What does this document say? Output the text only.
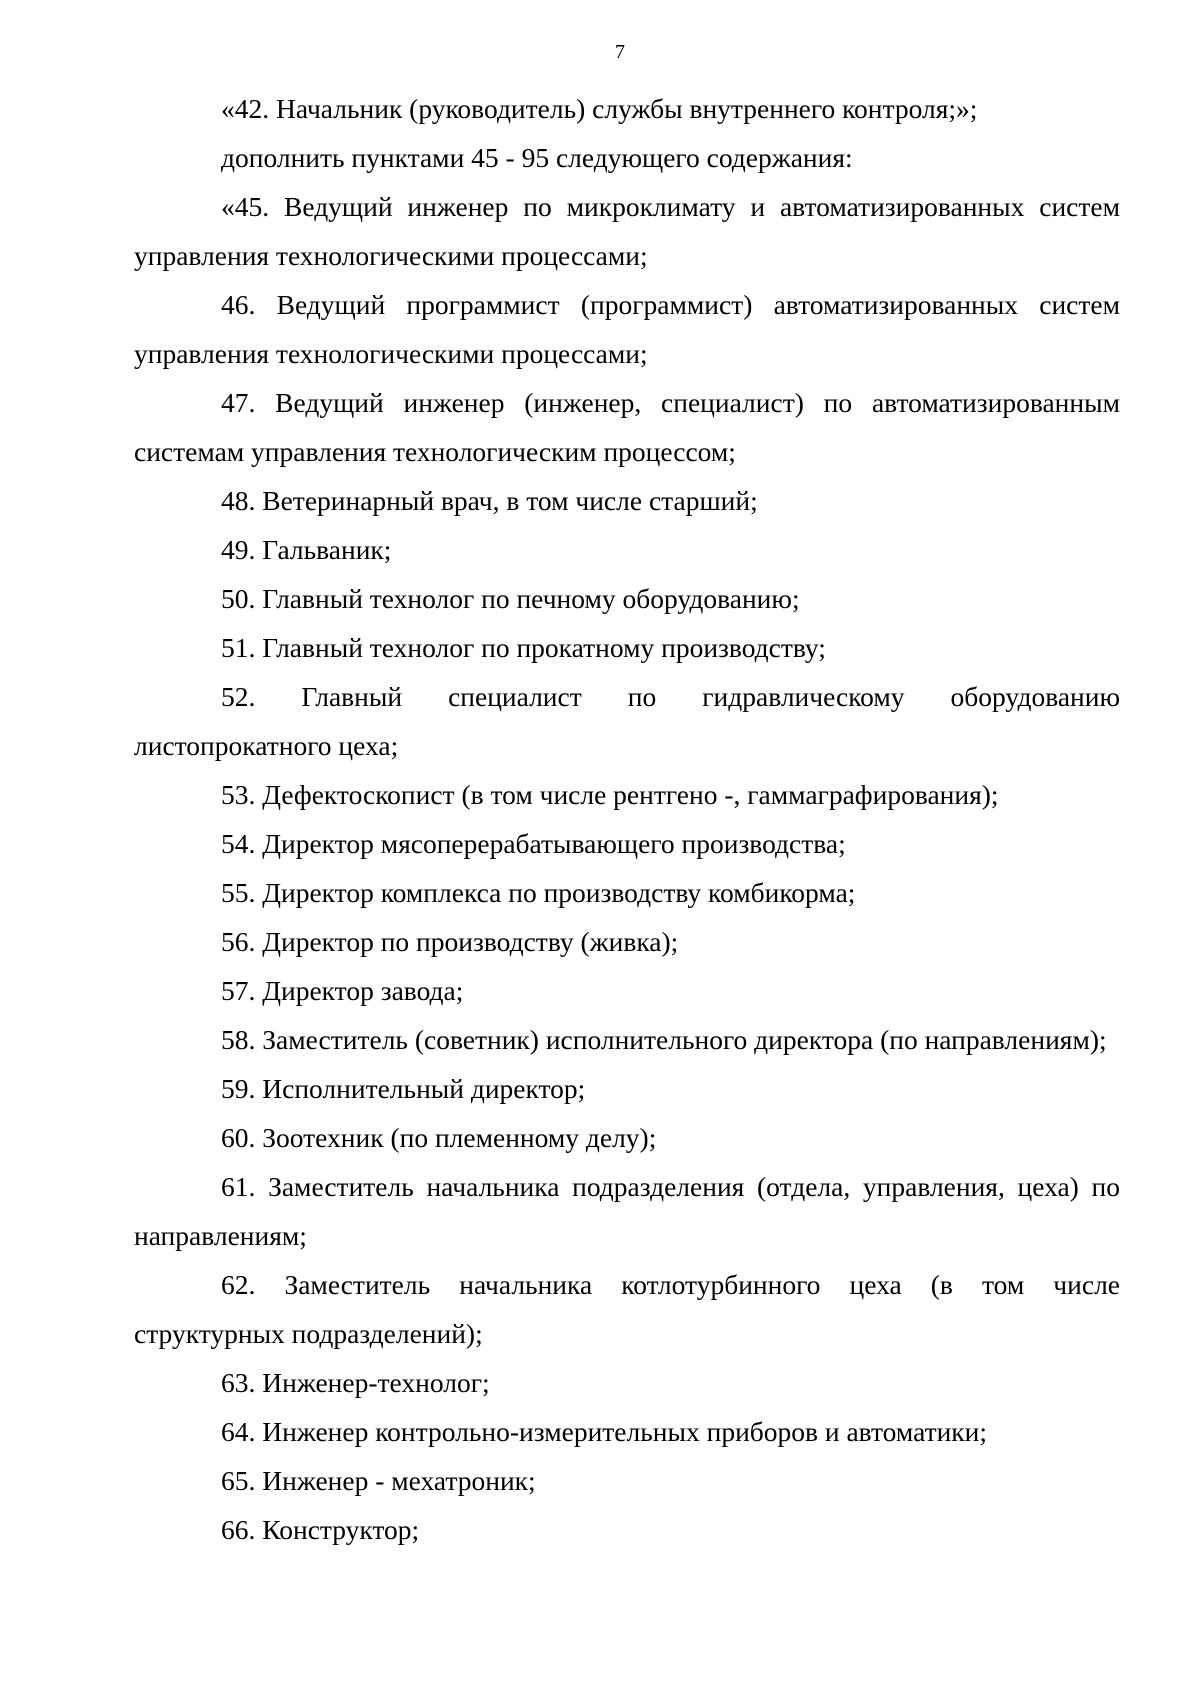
7

«42. Начальник (руководитель) службы внутреннего контроля;»;

дополнить пунктами 45 - 95 следующего содержания:

«45. Ведущий инженер по микроклимату и автоматизированных систем управления технологическими процессами;

46. Ведущий программист (программист) автоматизированных систем управления технологическими процессами;

47. Ведущий инженер (инженер, специалист) по автоматизированным системам управления технологическим процессом;

48. Ветеринарный врач, в том числе старший;

49. Гальваник;

50. Главный технолог по печному оборудованию;

51. Главный технолог по прокатному производству;

52. Главный специалист по гидравлическому оборудованию листопрокатного цеха;

53. Дефектоскопист (в том числе рентгено -, гаммаграфирования);

54. Директор мясоперерабатывающего производства;

55. Директор комплекса по производству комбикорма;

56. Директор по производству (живка);

57. Директор завода;

58. Заместитель (советник) исполнительного директора (по направлениям);

59. Исполнительный директор;

60. Зоотехник (по племенному делу);

61. Заместитель начальника подразделения (отдела, управления, цеха) по направлениям;

62. Заместитель начальника котлотурбинного цеха (в том числе структурных подразделений);

63. Инженер-технолог;

64. Инженер контрольно-измерительных приборов и автоматики;

65. Инженер - мехатроник;

66. Конструктор;
